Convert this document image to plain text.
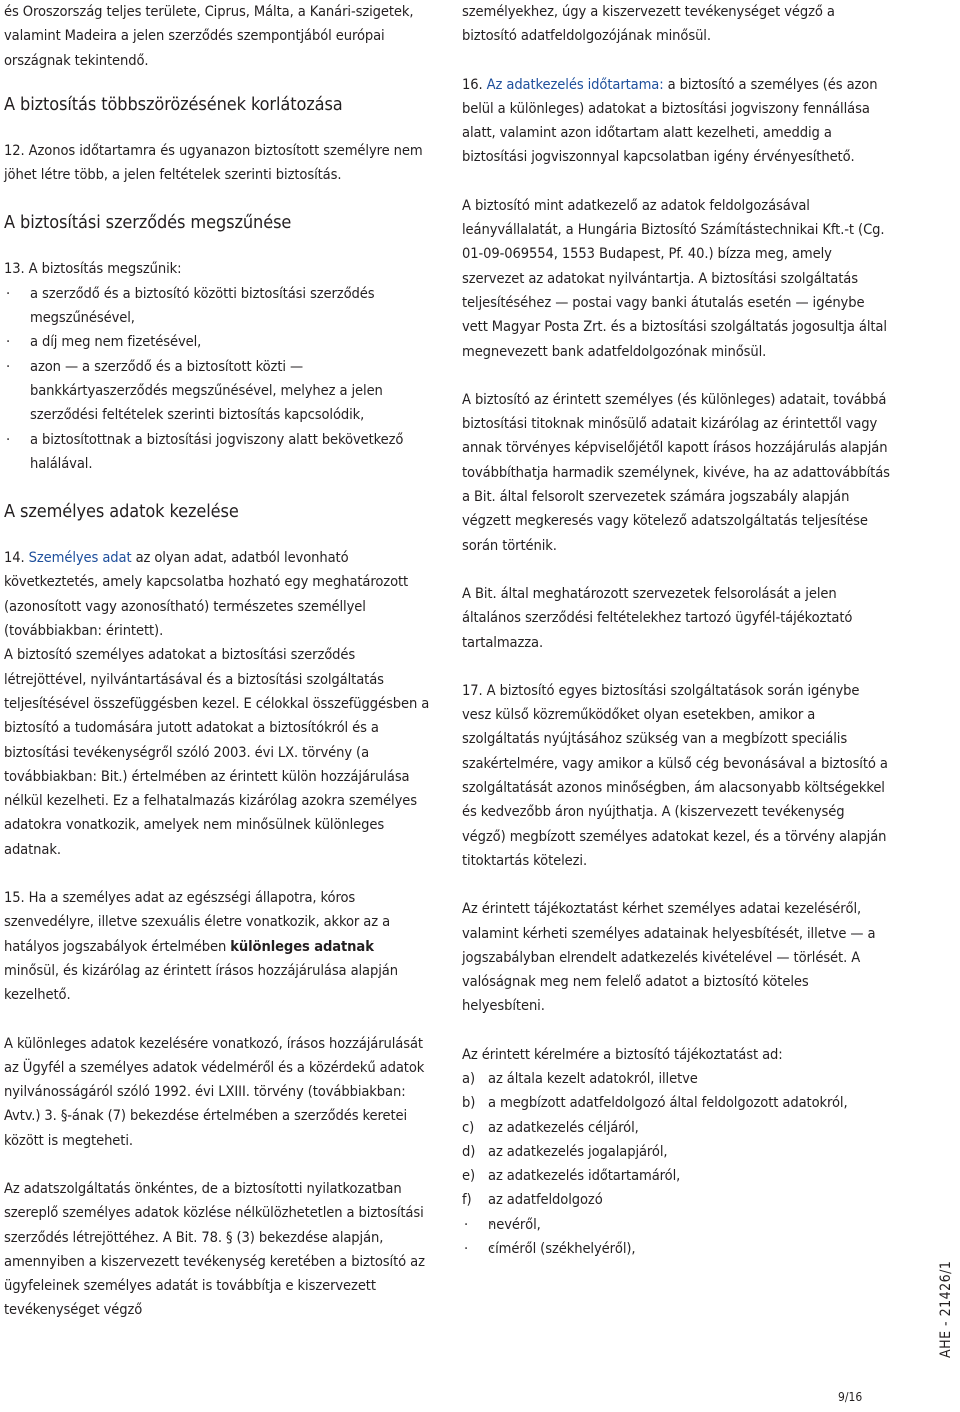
és Oroszország teljes területe, Ciprus, Málta, a Kanári-szigetek, valamint Madeira a jelen szerződés szempontjából európai országnak tekintendő.

A biztosítás többszörözésének korlátozása

12. Azonos időtartamra és ugyanazon biztosított személyre nem jöhet létre több, a jelen feltételek szerinti biztosítás.

A biztosítási szerződés megszűnése

13. A biztosítás megszűnik:

· a szerződő és a biztosító közötti biztosítási szerződés megszűnésével,

· a díj meg nem fizetésével,

· azon — a szerződő és a biztosított közti — bankkártyaszerződés megszűnésével, melyhez a jelen szerződési feltételek szerinti biztosítás kapcsolódik,

· a biztosítottnak a biztosítási jogviszony alatt bekövetkező halálával.

A személyes adatok kezelése

14. Személyes adat az olyan adat, adatból levonható következtetés, amely kapcsolatba hozható egy meghatározott (azonosított vagy azonosítható) természetes személlyel (továbbiakban: érintett).

A biztosító személyes adatokat a biztosítási szerződés létrejöttével, nyilvántartásával és a biztosítási szolgáltatás teljesítésével összefüggésben kezel. E célokkal összefüggésben a biztosító a tudomására jutott adatokat a biztosítókról és a biztosítási tevékenységről szóló 2003. évi LX. törvény (a továbbiakban: Bit.) értelmében az érintett külön hozzájárulása nélkül kezelheti. Ez a felhatalmazás kizárólag azokra személyes adatokra vonatkozik, amelyek nem minősülnek különleges adatnak.

15. Ha a személyes adat az egészségi állapotra, kóros szenvedélyre, illetve szexuális életre vonatkozik, akkor az a hatályos jogszabályok értelmében különleges adatnak minősül, és kizárólag az érintett írásos hozzájárulása alapján kezelhető.

A különleges adatok kezelésére vonatkozó, írásos hozzájárulását az Ügyfél a személyes adatok védelméről és a közérdekű adatok nyilvánosságáról szóló 1992. évi LXIII. törvény (továbbiakban: Avtv.) 3. §-ának (7) bekezdése értelmében a szerződés keretei között is megteheti.

Az adatszolgáltatás önkéntes, de a biztosítotti nyilatkozatban szereplő személyes adatok közlése nélkülözhetetlen a biztosítási szerződés létrejöttéhez. A Bit. 78. § (3) bekezdése alapján, amennyiben a kiszervezett tevékenység keretében a biztosító az ügyfeleinek személyes adatát is továbbítja e kiszervezett tevékenységet végző

személyekhez, úgy a kiszervezett tevékenységet végző a biztosító adatfeldolgozójának minősül.

16. Az adatkezelés időtartama: a biztosító a személyes (és azon belül a különleges) adatokat a biztosítási jogviszony fennállása alatt, valamint azon időtartam alatt kezelheti, ameddig a biztosítási jogviszonnyal kapcsolatban igény érvényesíthető.

A biztosító mint adatkezelő az adatok feldolgozásával leányvállalatát, a Hungária Biztosító Számítástechnikai Kft.-t (Cg. 01-09-069554, 1553 Budapest, Pf. 40.) bízza meg, amely szervezet az adatokat nyilvántartja. A biztosítási szolgáltatás teljesítéséhez — postai vagy banki átutalás esetén — igénybe vett Magyar Posta Zrt. és a biztosítási szolgáltatás jogosultja által megnevezett bank adatfeldolgozónak minősül.

A biztosító az érintett személyes (és különleges) adatait, továbbá biztosítási titoknak minősülő adatait kizárólag az érintettől vagy annak törvényes képviselőjétől kapott írásos hozzájárulás alapján továbbíthatja harmadik személynek, kivéve, ha az adattovábbítás a Bit. által felsorolt szervezetek számára jogszabály alapján végzett megkeresés vagy kötelező adatszolgáltatás teljesítése során történik.

A Bit. által meghatározott szervezetek felsorolását a jelen általános szerződési feltételekhez tartozó ügyfél-tájékoztató tartalmazza.

17. A biztosító egyes biztosítási szolgáltatások során igénybe vesz külső közreműködőket olyan esetekben, amikor a szolgáltatás nyújtásához szükség van a megbízott speciális szakértelmére, vagy amikor a külső cég bevonásával a biztosító a szolgáltatását azonos minőségben, ám alacsonyabb költségekkel és kedvezőbb áron nyújthatja. A (kiszervezett tevékenység végző) megbízott személyes adatokat kezel, és a törvény alapján titoktartás kötelezi.

Az érintett tájékoztatást kérhet személyes adatai kezeléséről, valamint kérheti személyes adatainak helyesbítését, illetve — a jogszabályban elrendelt adatkezelés kivételével — törlését. A valóságnak meg nem felelő adatot a biztosító köteles helyesbíteni.

Az érintett kérelmére a biztosító tájékoztatást ad:

a) az általa kezelt adatokról, illetve

b) a megbízott adatfeldolgozó által feldolgozott adatokról,

c) az adatkezelés céljáról,

d) az adatkezelés jogalapjáról,

e) az adatkezelés időtartamáról,

f) az adatfeldolgozó

· · nevéről,

· · címéről (székhelyéről),

AHE - 21426/1
9/16
